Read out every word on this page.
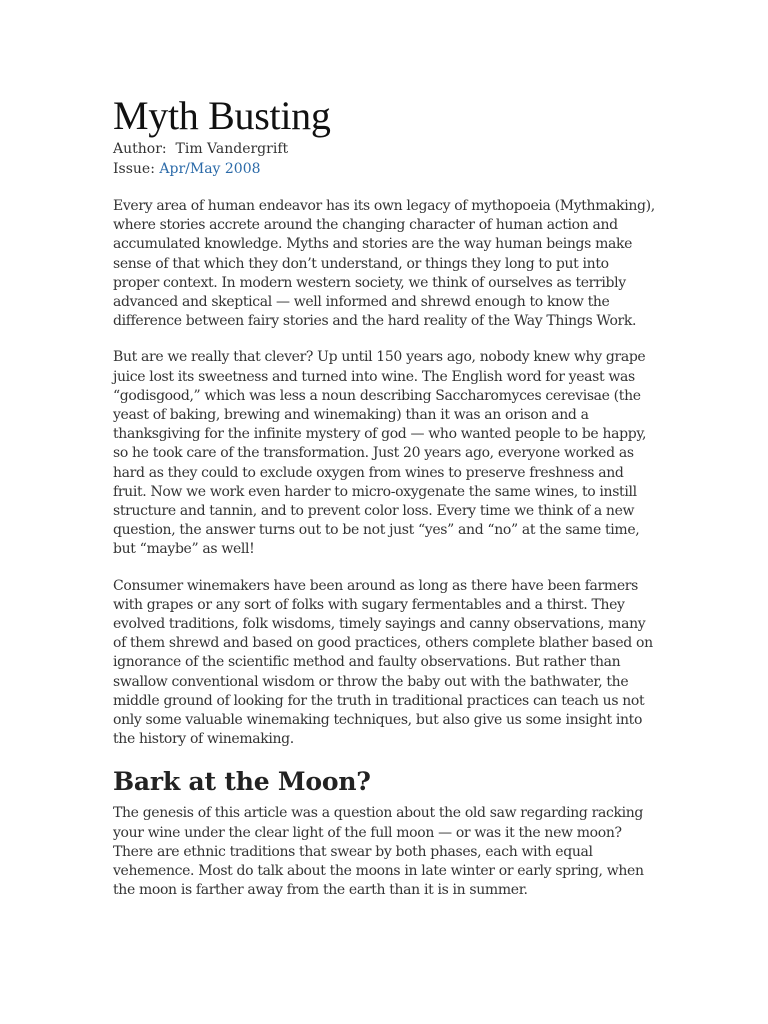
Myth Busting

Author: Tim Vandergrift

Issue: Apr/May 2008

Every area of human endeavor has its own legacy of mythopoeia (Mythmaking), where stories accrete around the changing character of human action and accumulated knowledge. Myths and stories are the way human beings make sense of that which they don’t understand, or things they long to put into proper context. In modern western society, we think of ourselves as terribly advanced and skeptical — well informed and shrewd enough to know the difference between fairy stories and the hard reality of the Way Things Work.

But are we really that clever? Up until 150 years ago, nobody knew why grape juice lost its sweetness and turned into wine. The English word for yeast was “godisgood,” which was less a noun describing Saccharomyces cerevisae (the yeast of baking, brewing and winemaking) than it was an orison and a thanksgiving for the infinite mystery of god — who wanted people to be happy, so he took care of the transformation. Just 20 years ago, everyone worked as hard as they could to exclude oxygen from wines to preserve freshness and fruit. Now we work even harder to micro-oxygenate the same wines, to instill structure and tannin, and to prevent color loss. Every time we think of a new question, the answer turns out to be not just “yes” and “no” at the same time, but “maybe” as well!

Consumer winemakers have been around as long as there have been farmers with grapes or any sort of folks with sugary fermentables and a thirst. They evolved traditions, folk wisdoms, timely sayings and canny observations, many of them shrewd and based on good practices, others complete blather based on ignorance of the scientific method and faulty observations. But rather than swallow conventional wisdom or throw the baby out with the bathwater, the middle ground of looking for the truth in traditional practices can teach us not only some valuable winemaking techniques, but also give us some insight into the history of winemaking.

Bark at the Moon?

The genesis of this article was a question about the old saw regarding racking your wine under the clear light of the full moon — or was it the new moon? There are ethnic traditions that swear by both phases, each with equal vehemence. Most do talk about the moons in late winter or early spring, when the moon is farther away from the earth than it is in summer.
